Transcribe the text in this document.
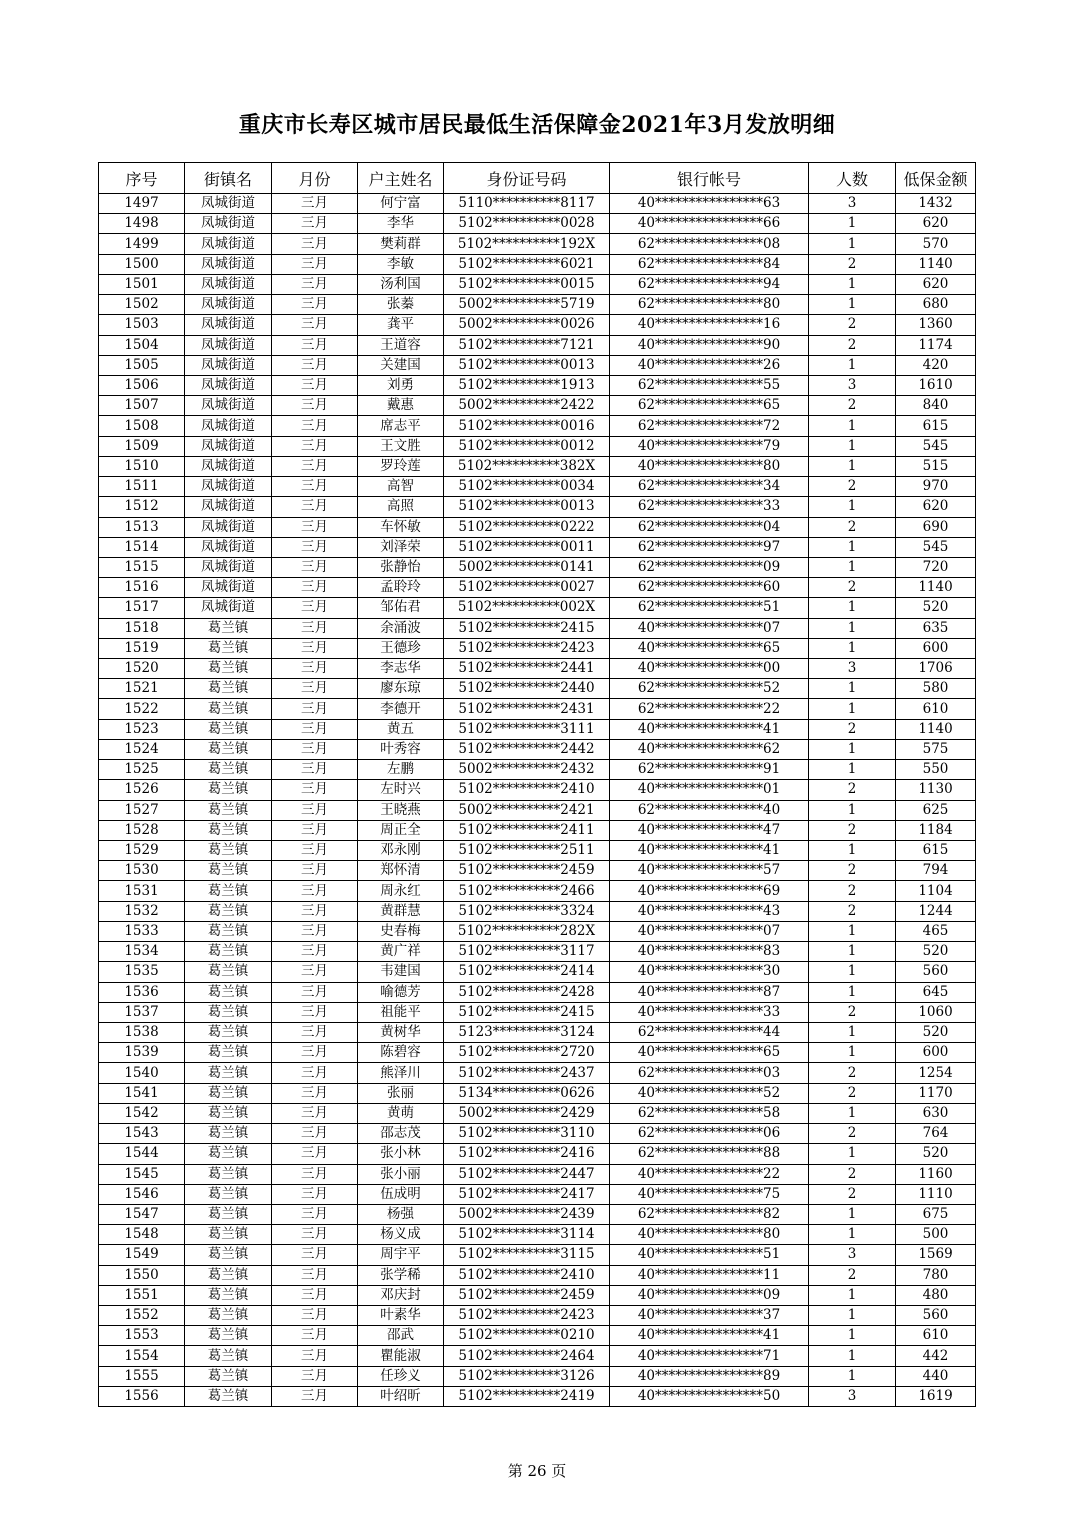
重庆市长寿区城市居民最低生活保障金2021年3月发放明细
序号	街镇名	月份	户主姓名	身份证号码	银行帐号	人数	低保金额
1497	凤城街道	三月	何宁富	5110**********8117	40****************63	3	1432
1498	凤城街道	三月	李华	5102**********0028	40****************66	1	620
1499	凤城街道	三月	樊莉群	5102**********192X	62****************08	1	570
1500	凤城街道	三月	李敏	5102**********6021	62****************84	2	1140
1501	凤城街道	三月	汤利国	5102**********0015	62****************94	1	620
1502	凤城街道	三月	张蓁	5002**********5719	62****************80	1	680
1503	凤城街道	三月	龚平	5002**********0026	40****************16	2	1360
1504	凤城街道	三月	王道容	5102**********7121	40****************90	2	1174
1505	凤城街道	三月	关建国	5102**********0013	40****************26	1	420
1506	凤城街道	三月	刘勇	5102**********1913	62****************55	3	1610
1507	凤城街道	三月	戴惠	5002**********2422	62****************65	2	840
1508	凤城街道	三月	席志平	5102**********0016	62****************72	1	615
1509	凤城街道	三月	王文胜	5102**********0012	40****************79	1	545
1510	凤城街道	三月	罗玲莲	5102**********382X	40****************80	1	515
1511	凤城街道	三月	高智	5102**********0034	62****************34	2	970
1512	凤城街道	三月	高照	5102**********0013	62****************33	1	620
1513	凤城街道	三月	车怀敏	5102**********0222	62****************04	2	690
1514	凤城街道	三月	刘泽荣	5102**********0011	62****************97	1	545
1515	凤城街道	三月	张静怡	5002**********0141	62****************09	1	720
1516	凤城街道	三月	孟聆玲	5102**********0027	62****************60	2	1140
1517	凤城街道	三月	邹佑君	5102**********002X	62****************51	1	520
1518	葛兰镇	三月	余涌波	5102**********2415	40****************07	1	635
1519	葛兰镇	三月	王德珍	5102**********2423	40****************65	1	600
1520	葛兰镇	三月	李志华	5102**********2441	40****************00	3	1706
1521	葛兰镇	三月	廖东琼	5102**********2440	62****************52	1	580
1522	葛兰镇	三月	李德开	5102**********2431	62****************22	1	610
1523	葛兰镇	三月	黄五	5102**********3111	40****************41	2	1140
1524	葛兰镇	三月	叶秀容	5102**********2442	40****************62	1	575
1525	葛兰镇	三月	左鹏	5002**********2432	62****************91	1	550
1526	葛兰镇	三月	左时兴	5102**********2410	40****************01	2	1130
1527	葛兰镇	三月	王晓燕	5002**********2421	62****************40	1	625
1528	葛兰镇	三月	周正全	5102**********2411	40****************47	2	1184
1529	葛兰镇	三月	邓永刚	5102**********2511	40****************41	1	615
1530	葛兰镇	三月	郑怀清	5102**********2459	40****************57	2	794
1531	葛兰镇	三月	周永红	5102**********2466	40****************69	2	1104
1532	葛兰镇	三月	黄群慧	5102**********3324	40****************43	2	1244
1533	葛兰镇	三月	史春梅	5102**********282X	40****************07	1	465
1534	葛兰镇	三月	黄广祥	5102**********3117	40****************83	1	520
1535	葛兰镇	三月	韦建国	5102**********2414	40****************30	1	560
1536	葛兰镇	三月	喻德芳	5102**********2428	40****************87	1	645
1537	葛兰镇	三月	祖能平	5102**********2415	40****************33	2	1060
1538	葛兰镇	三月	黄树华	5123**********3124	62****************44	1	520
1539	葛兰镇	三月	陈碧容	5102**********2720	40****************65	1	600
1540	葛兰镇	三月	熊泽川	5102**********2437	62****************03	2	1254
1541	葛兰镇	三月	张丽	5134**********0626	40****************52	2	1170
1542	葛兰镇	三月	黄萌	5002**********2429	62****************58	1	630
1543	葛兰镇	三月	邵志茂	5102**********3110	62****************06	2	764
1544	葛兰镇	三月	张小林	5102**********2416	62****************88	1	520
1545	葛兰镇	三月	张小丽	5102**********2447	40****************22	2	1160
1546	葛兰镇	三月	伍成明	5102**********2417	40****************75	2	1110
1547	葛兰镇	三月	杨强	5002**********2439	62****************82	1	675
1548	葛兰镇	三月	杨义成	5102**********3114	40****************80	1	500
1549	葛兰镇	三月	周宇平	5102**********3115	40****************51	3	1569
1550	葛兰镇	三月	张学稀	5102**********2410	40****************11	2	780
1551	葛兰镇	三月	邓庆封	5102**********2459	40****************09	1	480
1552	葛兰镇	三月	叶素华	5102**********2423	40****************37	1	560
1553	葛兰镇	三月	邵武	5102**********0210	40****************41	1	610
1554	葛兰镇	三月	瞿能淑	5102**********2464	40****************71	1	442
1555	葛兰镇	三月	任珍义	5102**********3126	40****************89	1	440
1556	葛兰镇	三月	叶绍昕	5102**********2419	40****************50	3	1619
第 26 页
